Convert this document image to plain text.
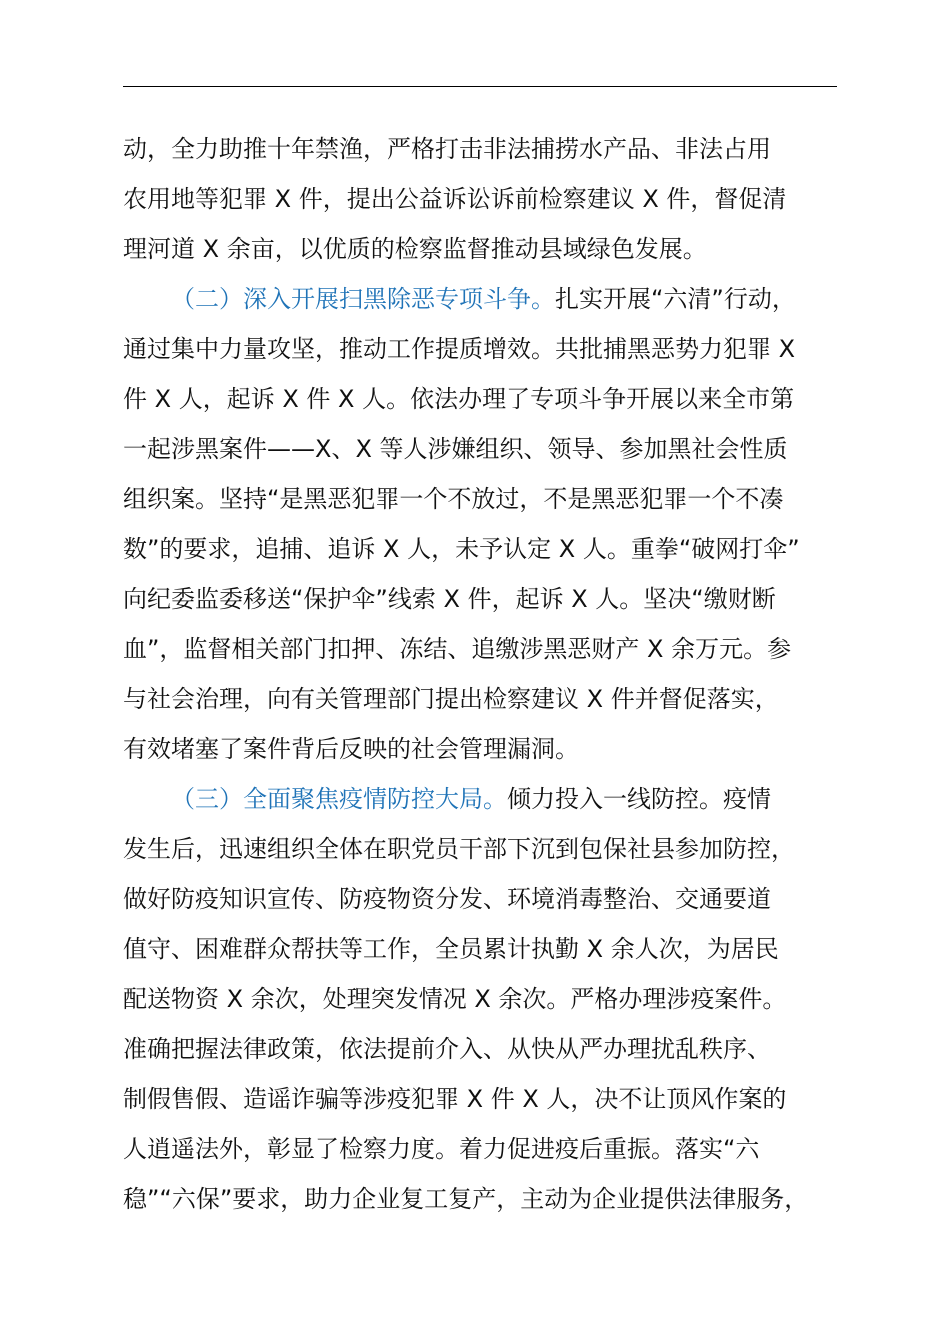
动，全力助推十年禁渔，严格打击非法捕捞水产品、非法占用
农用地等犯罪 X 件，提出公益诉讼诉前检察建议 X 件，督促清
理河道 X 余亩，以优质的检察监督推动县域绿色发展。
（二）深入开展扫黑除恶专项斗争。扎实开展“六清”行动，
通过集中力量攻坚，推动工作提质增效。共批捕黑恶势力犯罪 X
件 X 人，起诉 X 件 X 人。依法办理了专项斗争开展以来全市第
一起涉黑案件——X、X 等人涉嫌组织、领导、参加黑社会性质
组织案。坚持“是黑恶犯罪一个不放过，不是黑恶犯罪一个不凑
数”的要求，追捕、追诉 X 人，未予认定 X 人。重拳“破网打伞”
向纪委监委移送“保护伞”线索 X 件，起诉 X 人。坚决“缴财断
血”，监督相关部门扣押、冻结、追缴涉黑恶财产 X 余万元。参
与社会治理，向有关管理部门提出检察建议 X 件并督促落实，
有效堵塞了案件背后反映的社会管理漏洞。
（三）全面聚焦疫情防控大局。倾力投入一线防控。疫情
发生后，迅速组织全体在职党员干部下沉到包保社县参加防控，
做好防疫知识宣传、防疫物资分发、环境消毒整治、交通要道
值守、困难群众帮扶等工作，全员累计执勤 X 余人次，为居民
配送物资 X 余次，处理突发情况 X 余次。严格办理涉疫案件。
准确把握法律政策，依法提前介入、从快从严办理扰乱秩序、
制假售假、造谣诈骗等涉疫犯罪 X 件 X 人，决不让顶风作案的
人逍遥法外，彰显了检察力度。着力促进疫后重振。落实“六
稳”“六保”要求，助力企业复工复产，主动为企业提供法律服务，
